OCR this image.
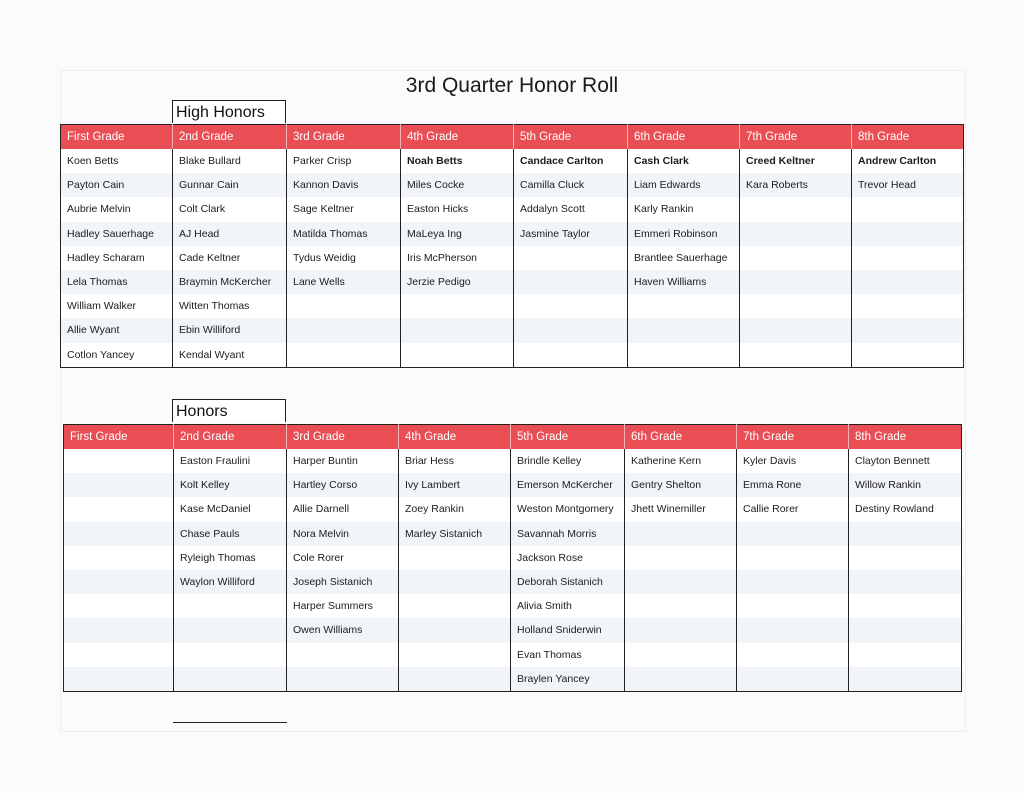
3rd Quarter Honor Roll
High Honors
First Grade	2nd Grade	3rd Grade	4th Grade	5th Grade	6th Grade	7th Grade	8th Grade
Koen Betts	Blake Bullard	Parker Crisp	Noah Betts	Candace Carlton	Cash Clark	Creed Keltner	Andrew Carlton
Payton Cain	Gunnar Cain	Kannon Davis	Miles Cocke	Camilla Cluck	Liam Edwards	Kara Roberts	Trevor Head
Aubrie Melvin	Colt Clark	Sage Keltner	Easton Hicks	Addalyn Scott	Karly Rankin		
Hadley Sauerhage	AJ Head	Matilda Thomas	MaLeya Ing	Jasmine Taylor	Emmeri Robinson		
Hadley Scharam	Cade Keltner	Tydus Weidig	Iris McPherson		Brantlee Sauerhage		
Lela Thomas	Braymin McKercher	Lane Wells	Jerzie Pedigo		Haven Williams		
William Walker	Witten Thomas						
Allie Wyant	Ebin Williford						
Cotlon Yancey	Kendal Wyant						
Honors
First Grade	2nd Grade	3rd Grade	4th Grade	5th Grade	6th Grade	7th Grade	8th Grade
	Easton Fraulini	Harper Buntin	Briar Hess	Brindle Kelley	Katherine Kern	Kyler Davis	Clayton Bennett
	Kolt Kelley	Hartley Corso	Ivy Lambert	Emerson McKercher	Gentry Shelton	Emma Rone	Willow Rankin
	Kase McDaniel	Allie Darnell	Zoey Rankin	Weston Montgomery	Jhett Winemiller	Callie Rorer	Destiny Rowland
	Chase Pauls	Nora Melvin	Marley Sistanich	Savannah Morris			
	Ryleigh Thomas	Cole Rorer		Jackson Rose			
	Waylon Williford	Joseph Sistanich		Deborah Sistanich			
		Harper Summers		Alivia Smith			
		Owen Williams		Holland Sniderwin			
				Evan Thomas			
				Braylen Yancey			
